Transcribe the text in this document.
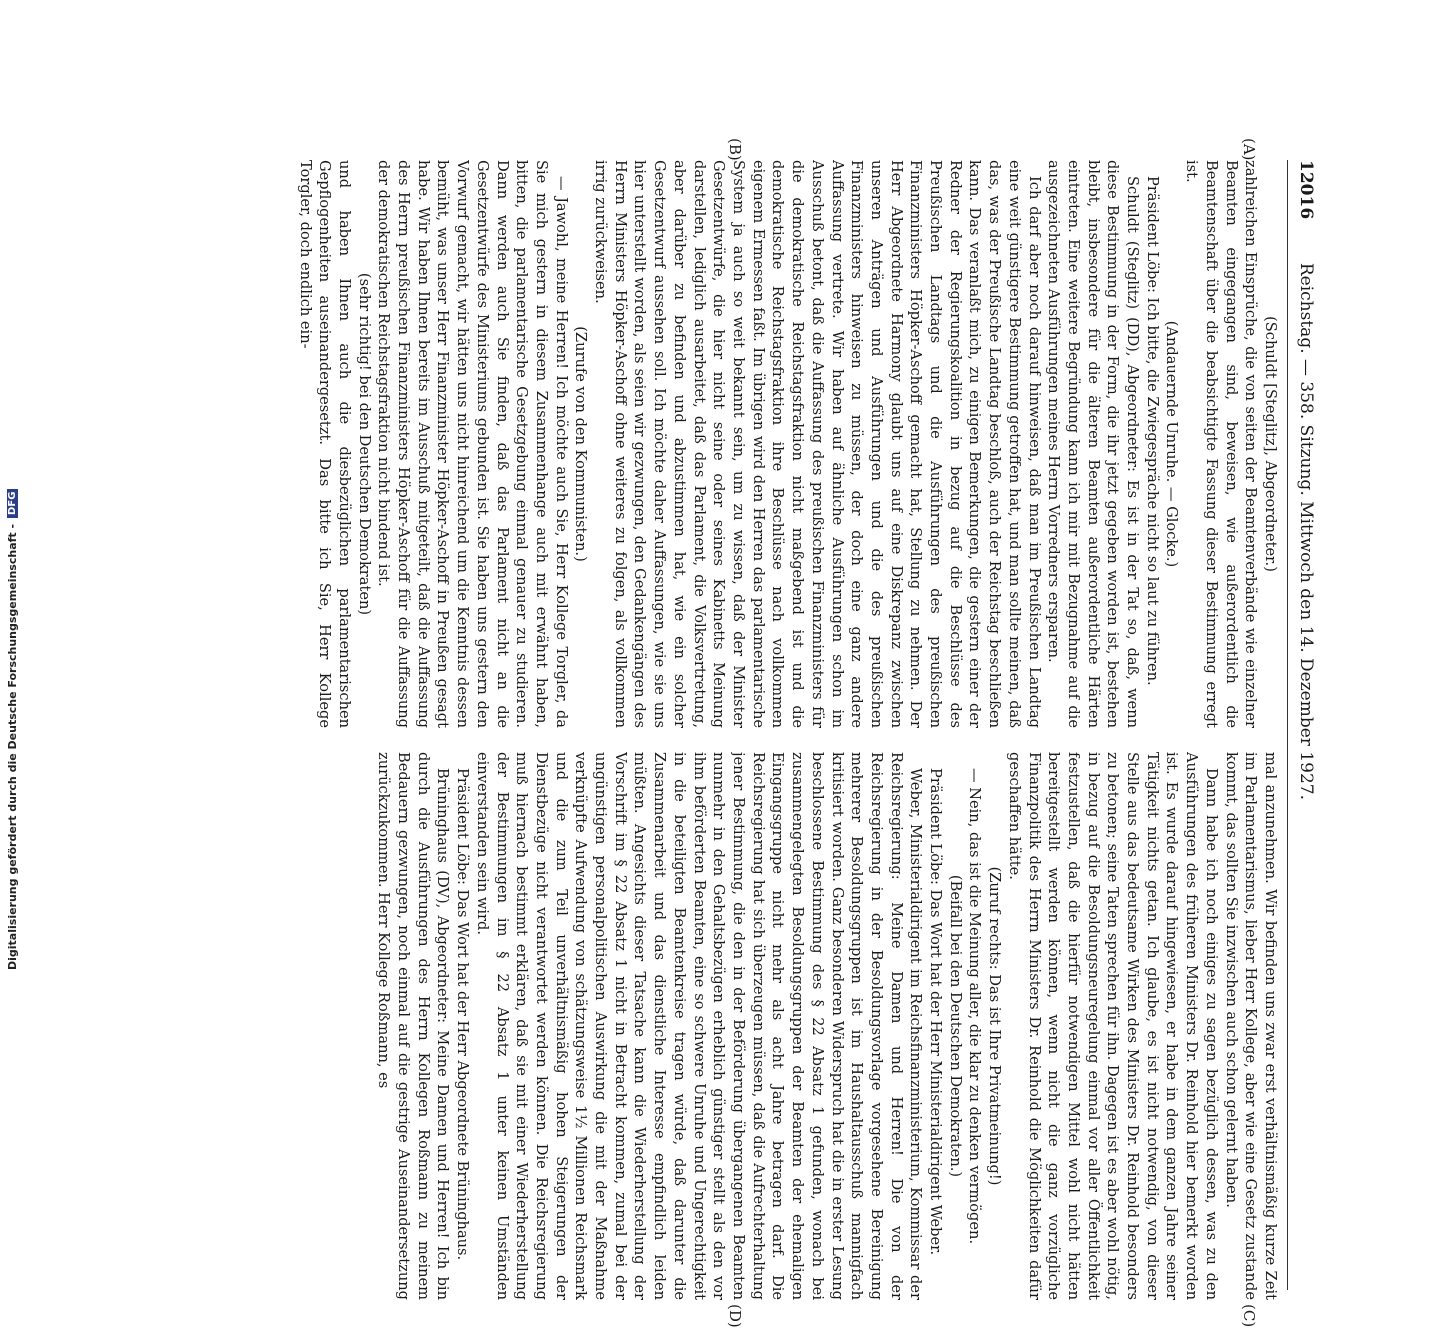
12016
Reichstag. — 358. Sitzung. Mittwoch den 14. Dezember 1927.
(A)
(B)
(C)
(D)

(Schuldt [Steglitz], Abgeordneter.)

zahlreichen Einsprüche, die von seiten der Beamtenverbände wie einzelner Beamten eingegangen sind, beweisen, wie außerordentlich die Beamtenschaft über die beabsichtigte Fassung dieser Bestimmung erregt ist.

(Andauernde Unruhe. — Glocke.)

Präsident Löbe: Ich bitte, die Zwiegespräche nicht so laut zu führen.

Schuldt (Steglitz) (DD), Abgeordneter: Es ist in der Tat so, daß, wenn diese Bestimmung in der Form, die ihr jetzt gegeben worden ist, bestehen bleibt, insbesondere für die älteren Beamten außerordentliche Härten eintreten. Eine weitere Begründung kann ich mir mit Bezugnahme auf die ausgezeichneten Ausführungen meines Herrn Vorredners ersparen.

Ich darf aber noch darauf hinweisen, daß man im Preußischen Landtag eine weit günstigere Bestimmung getroffen hat, und man sollte meinen, daß das, was der Preußische Landtag beschloß, auch der Reichstag beschließen kann. Das veranlaßt mich, zu einigen Bemerkungen, die gestern einer der Redner der Regierungskoalition in bezug auf die Beschlüsse des Preußischen Landtags und die Ausführungen des preußischen Finanzministers Höpker-Aschoff gemacht hat, Stellung zu nehmen. Der Herr Abgeordnete Harmony glaubt uns auf eine Diskrepanz zwischen unseren Anträgen und Ausführungen und die des preußischen Finanzministers hinweisen zu müssen, der doch eine ganz andere Auffassung vertrete. Wir haben auf ähnliche Ausführungen schon im Ausschuß betont, daß die Auffassung des preußischen Finanzministers für die demokratische Reichstagsfraktion nicht maßgebend ist und die demokratische Reichstagsfraktion ihre Beschlüsse nach vollkommen eigenem Ermessen faßt. Im übrigen wird den Herren das parlamentarische System ja auch so weit bekannt sein, um zu wissen, daß der Minister Gesetzentwürfe, die hier nicht seine oder seines Kabinetts Meinung darstellen, lediglich ausarbeitet, daß das Parlament, die Volksvertretung, aber darüber zu befinden und abzustimmen hat, wie ein solcher Gesetzentwurf aussehen soll. Ich möchte daher Auffassungen, wie sie uns hier unterstellt worden, als seien wir gezwungen, den Gedankengängen des Herrn Ministers Höpker-Aschoff ohne weiteres zu folgen, als vollkommen irrig zurückweisen.

(Zurufe von den Kommunisten.)

— Jawohl, meine Herren! Ich möchte auch Sie, Herr Kollege Torgler, da Sie mich gestern in diesem Zusammenhange auch mit erwähnt haben, bitten, die parlamentarische Gesetzgebung einmal genauer zu studieren. Dann werden auch Sie finden, daß das Parlament nicht an die Gesetzentwürfe des Ministeriums gebunden ist. Sie haben uns gestern den Vorwurf gemacht, wir hätten uns nicht hinreichend um die Kenntnis dessen bemüht, was unser Herr Finanzminister Höpker-Aschoff in Preußen gesagt habe. Wir haben Ihnen bereits im Ausschuß mitgeteilt, daß die Auffassung des Herrn preußischen Finanzministers Höpker-Aschoff für die Auffassung der demokratischen Reichstagsfraktion nicht bindend ist.

(sehr richtig! bei den Deutschen Demokraten)

und haben Ihnen auch die diesbezüglichen parlamentarischen Gepflogenheiten auseinandergesetzt. Das bitte ich Sie, Herr Kollege Torgler, doch endlich ein-

mal anzunehmen. Wir befinden uns zwar erst verhältnismäßig kurze Zeit im Parlamentarismus, lieber Herr Kollege, aber wie eine Gesetz zustande kommt, das sollten Sie inzwischen auch schon gelernt haben.

Dann habe ich noch einiges zu sagen bezüglich dessen, was zu den Ausführungen des früheren Ministers Dr. Reinhold hier bemerkt worden ist. Es wurde darauf hingewiesen, er habe in dem ganzen Jahre seiner Tätigkeit nichts getan. Ich glaube, es ist nicht notwendig, von dieser Stelle aus das bedeutsame Wirken des Ministers Dr. Reinhold besonders zu betonen; seine Taten sprechen für ihn. Dagegen ist es aber wohl nötig, in bezug auf die Besoldungsneuregelung einmal vor aller Öffentlichkeit festzustellen, daß die hierfür notwendigen Mittel wohl nicht hätten bereitgestellt werden können, wenn nicht die ganz vorzügliche Finanzpolitik des Herrn Ministers Dr. Reinhold die Möglichkeiten dafür geschaffen hätte.

(Zuruf rechts: Das ist Ihre Privatmeinung!)

— Nein, das ist die Meinung aller, die klar zu denken vermögen.

(Beifall bei den Deutschen Demokraten.)

Präsident Löbe: Das Wort hat der Herr Ministerialdirigent Weber.

Weber, Ministerialdirigent im Reichsfinanzministerium, Kommissar der Reichsregierung: Meine Damen und Herren! Die von der Reichsregierung in der Besoldungsvorlage vorgesehene Bereinigung mehrerer Besoldungsgruppen ist im Haushaltausschuß mannigfach kritisiert worden. Ganz besonderen Widerspruch hat die in erster Lesung beschlossene Bestimmung des § 22 Absatz 1 gefunden, wonach bei zusammengelegten Besoldungsgruppen der Beamten der ehemaligen Eingangsgruppe nicht mehr als acht Jahre betragen darf. Die Reichsregierung hat sich überzeugen müssen, daß die Aufrechterhaltung jener Bestimmung, die den in der Beförderung übergangenen Beamten nunmehr in den Gehaltsbezügen erheblich günstiger stellt als den vor ihm beförderten Beamten, eine so schwere Unruhe und Ungerechtigkeit in die beteiligten Beamtenkreise tragen würde, daß darunter die Zusammenarbeit und das dienstliche Interesse empfindlich leiden müßten. Angesichts dieser Tatsache kann die Wiederherstellung der Vorschrift im § 22 Absatz 1 nicht in Betracht kommen, zumal bei der ungünstigen personalpolitischen Auswirkung die mit der Maßnahme verknüpfte Aufwendung von schätzungsweise 1½ Millionen Reichsmark und die zum Teil unverhältnismäßig hohen Steigerungen der Dienstbezüge nicht verantwortet werden können. Die Reichsregierung muß hiernach bestimmt erklären, daß sie mit einer Wiederherstellung der Bestimmungen im § 22 Absatz 1 unter keinen Umständen einverstanden sein wird.

Präsident Löbe: Das Wort hat der Herr Abgeordnete Brüninghaus.

Brüninghaus (DV), Abgeordneter: Meine Damen und Herren! Ich bin durch die Ausführungen des Herrn Kollegen Roßmann zu meinem Bedauern gezwungen, noch einmal auf die gestrige Auseinandersetzung zurückzukommen. Herr Kollege Roßmann, es

Digitalisierung gefördert durch die Deutsche Forschungsgemeinschaft -
DFG
